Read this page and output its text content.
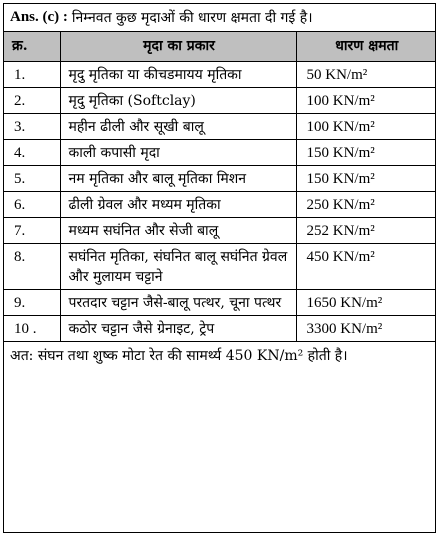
Ans. (c) : निम्नवत कुछ मृदाओं की धारण क्षमता दी गई है।
क्र.	मृदा का प्रकार	धारण क्षमता
1.	मृदु मृतिका या कीचडमायय मृतिका	50 KN/m²
2.	मृदु मृतिका (Softclay)	100 KN/m²
3.	महीन ढीली और सूखी बालू	100 KN/m²
4.	काली कपासी मृदा	150 KN/m²
5.	नम मृतिका और बालू मृतिका मिशन	150 KN/m²
6.	ढीली ग्रेवल और मध्यम मृतिका	250 KN/m²
7.	मध्यम सघंनित और सेजी बालू	252 KN/m²
8.	सघंनित मृतिका, संघनित बालू सघंनित ग्रेवल और मुलायम चट्टाने	450 KN/m²
9.	परतदार चट्टान जैसे-बालू पत्थर, चूना पत्थर	1650 KN/m²
10 .	कठोर चट्टान जैसे ग्रेनाइट, ट्रेप	3300 KN/m²
अत: संघन तथा शुष्क मोटा रेत की सामर्थ्य 450 KN/m² होती है।
